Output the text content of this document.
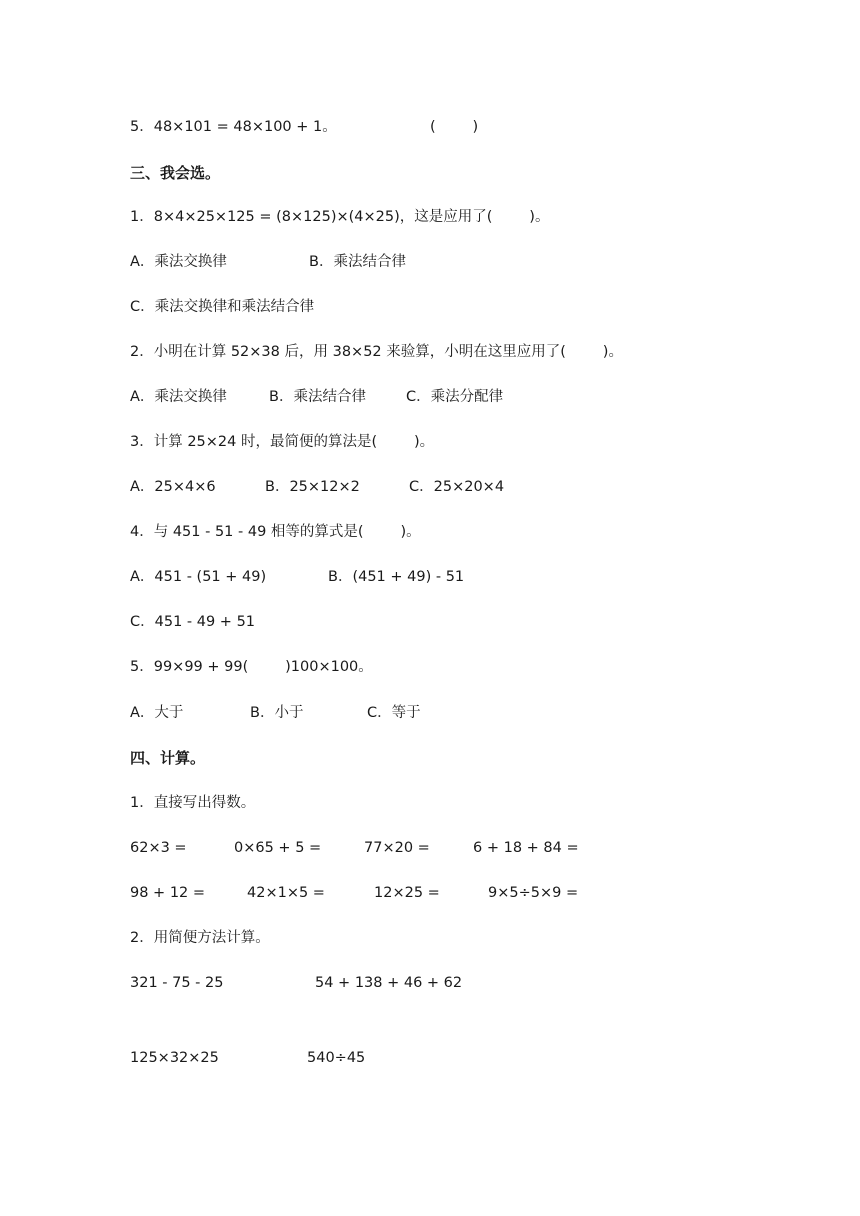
5．48×101 = 48×100 + 1。

	(        )

三、我会选。
1．8×4×25×125 = (8×125)×(4×25)，这是应用了(        )。

A．乘法交换律

	B．乘法结合律

C．乘法交换律和乘法结合律
2．小明在计算 52×38 后，用 38×52 来验算，小明在这里应用了(        )。

A．乘法交换律

	B．乘法结合律

	C．乘法分配律

3．计算 25×24 时，最简便的算法是(        )。

A．25×4×6

	B．25×12×2

	C．25×20×4

4．与 451 - 51 - 49 相等的算式是(        )。

A．451 - (51 + 49)

	B．(451 + 49) - 51

C．451 - 49 + 51
5．99×99 + 99(        )100×100。

A．大于

	B．小于

	C．等于

四、计算。
1．直接写出得数。

62×3 =

	0×65 + 5 =

	77×20 =

	6 + 18 + 84 =

98 + 12 =

	42×1×5 =

	12×25 =

	9×5÷5×9 =

2．用简便方法计算。

321 - 75 - 25

	54 + 138 + 46 + 62

125×32×25

	540÷45
